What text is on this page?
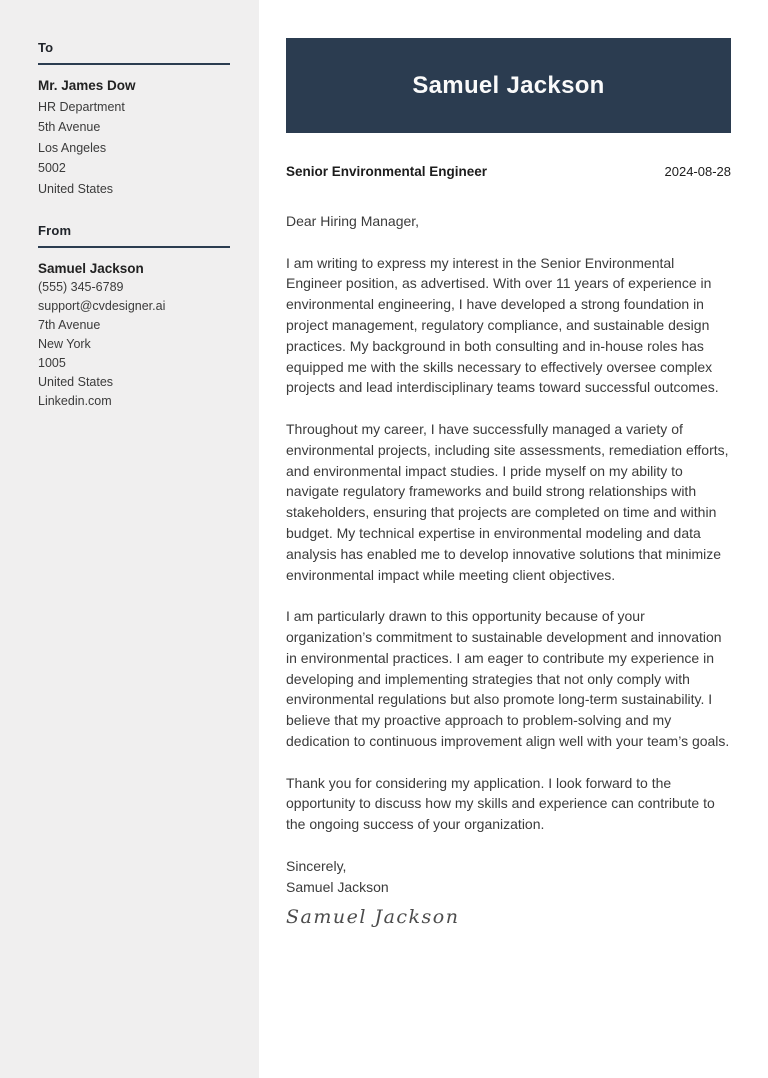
To
Mr. James Dow
HR Department
5th Avenue
Los Angeles
5002
United States
From
Samuel Jackson
(555) 345-6789
support@cvdesigner.ai
7th Avenue
New York
1005
United States
Linkedin.com
Samuel Jackson
Senior Environmental Engineer	2024-08-28

Dear Hiring Manager,

I am writing to express my interest in the Senior Environmental Engineer position, as advertised. With over 11 years of experience in environmental engineering, I have developed a strong foundation in project management, regulatory compliance, and sustainable design practices. My background in both consulting and in-house roles has equipped me with the skills necessary to effectively oversee complex projects and lead interdisciplinary teams toward successful outcomes.

Throughout my career, I have successfully managed a variety of environmental projects, including site assessments, remediation efforts, and environmental impact studies. I pride myself on my ability to navigate regulatory frameworks and build strong relationships with stakeholders, ensuring that projects are completed on time and within budget. My technical expertise in environmental modeling and data analysis has enabled me to develop innovative solutions that minimize environmental impact while meeting client objectives.

I am particularly drawn to this opportunity because of your organization’s commitment to sustainable development and innovation in environmental practices. I am eager to contribute my experience in developing and implementing strategies that not only comply with environmental regulations but also promote long-term sustainability. I believe that my proactive approach to problem-solving and my dedication to continuous improvement align well with your team’s goals.

Thank you for considering my application. I look forward to the opportunity to discuss how my skills and experience can contribute to the ongoing success of your organization.

Sincerely,
Samuel Jackson

Samuel Jackson
